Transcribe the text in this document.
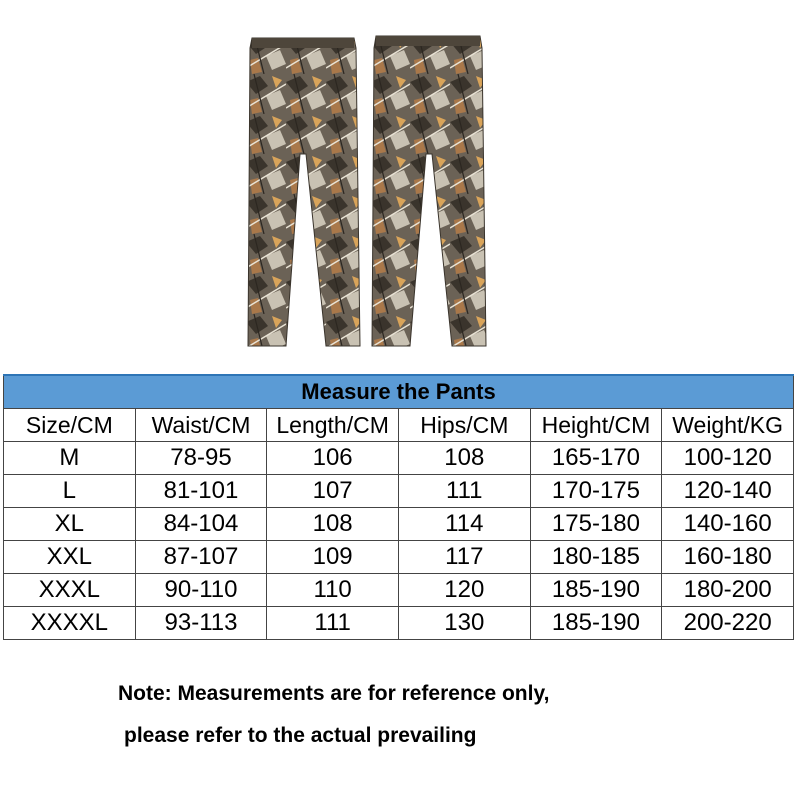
Measure the Pants					
Size/CM	Waist/CM	Length/CM	Hips/CM	Height/CM	Weight/KG
M	78-95	106	108	165-170	100-120
L	81-101	107	111	170-175	120-140
XL	84-104	108	114	175-180	140-160
XXL	87-107	109	117	180-185	160-180
XXXL	90-110	110	120	185-190	180-200
XXXXL	93-113	111	130	185-190	200-220
Note: Measurements are for reference only,
please refer to the actual prevailing
